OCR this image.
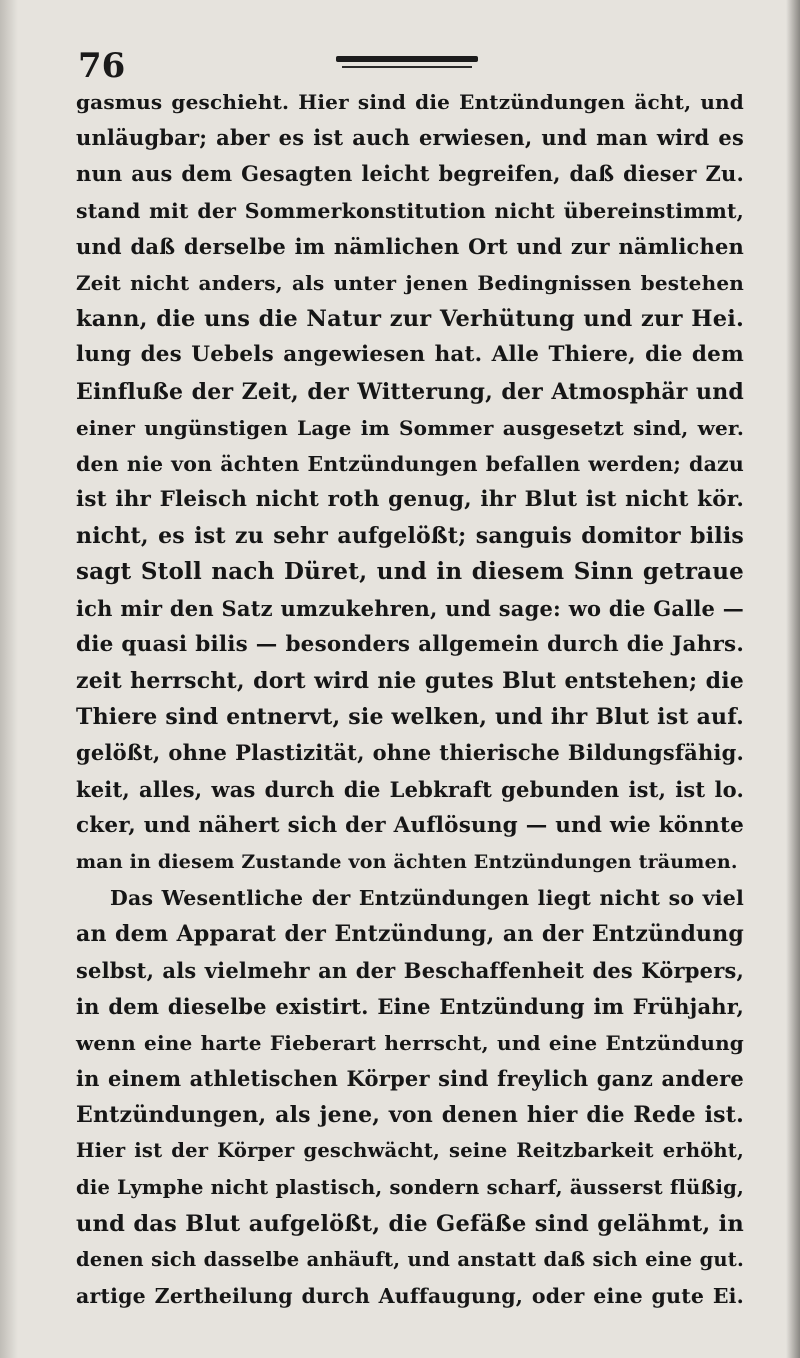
76
gasmus geschieht. Hier sind die Entzündungen ächt, und
unläugbar; aber es ist auch erwiesen, und man wird es
nun aus dem Gesagten leicht begreifen, daß dieser Zu.
stand mit der Sommerkonstitution nicht übereinstimmt,
und daß derselbe im nämlichen Ort und zur nämlichen
Zeit nicht anders, als unter jenen Bedingnissen bestehen
kann, die uns die Natur zur Verhütung und zur Hei.
lung des Uebels angewiesen hat. Alle Thiere, die dem
Einfluße der Zeit, der Witterung, der Atmosphär und
einer ungünstigen Lage im Sommer ausgesetzt sind, wer.
den nie von ächten Entzündungen befallen werden; dazu
ist ihr Fleisch nicht roth genug, ihr Blut ist nicht kör.
nicht, es ist zu sehr aufgelößt; sanguis domitor bilis
sagt Stoll nach Düret, und in diesem Sinn getraue
ich mir den Satz umzukehren, und sage: wo die Galle —
die quasi bilis — besonders allgemein durch die Jahrs.
zeit herrscht, dort wird nie gutes Blut entstehen; die
Thiere sind entnervt, sie welken, und ihr Blut ist auf.
gelößt, ohne Plastizität, ohne thierische Bildungsfähig.
keit, alles, was durch die Lebkraft gebunden ist, ist lo.
cker, und nähert sich der Auflösung — und wie könnte
man in diesem Zustande von ächten Entzündungen träumen.
Das Wesentliche der Entzündungen liegt nicht so viel
an dem Apparat der Entzündung, an der Entzündung
selbst, als vielmehr an der Beschaffenheit des Körpers,
in dem dieselbe existirt. Eine Entzündung im Frühjahr,
wenn eine harte Fieberart herrscht, und eine Entzündung
in einem athletischen Körper sind freylich ganz andere
Entzündungen, als jene, von denen hier die Rede ist.
Hier ist der Körper geschwächt, seine Reitzbarkeit erhöht,
die Lymphe nicht plastisch, sondern scharf, äusserst flüßig,
und das Blut aufgelößt, die Gefäße sind gelähmt, in
denen sich dasselbe anhäuft, und anstatt daß sich eine gut.
artige Zertheilung durch Auffaugung, oder eine gute Ei.
